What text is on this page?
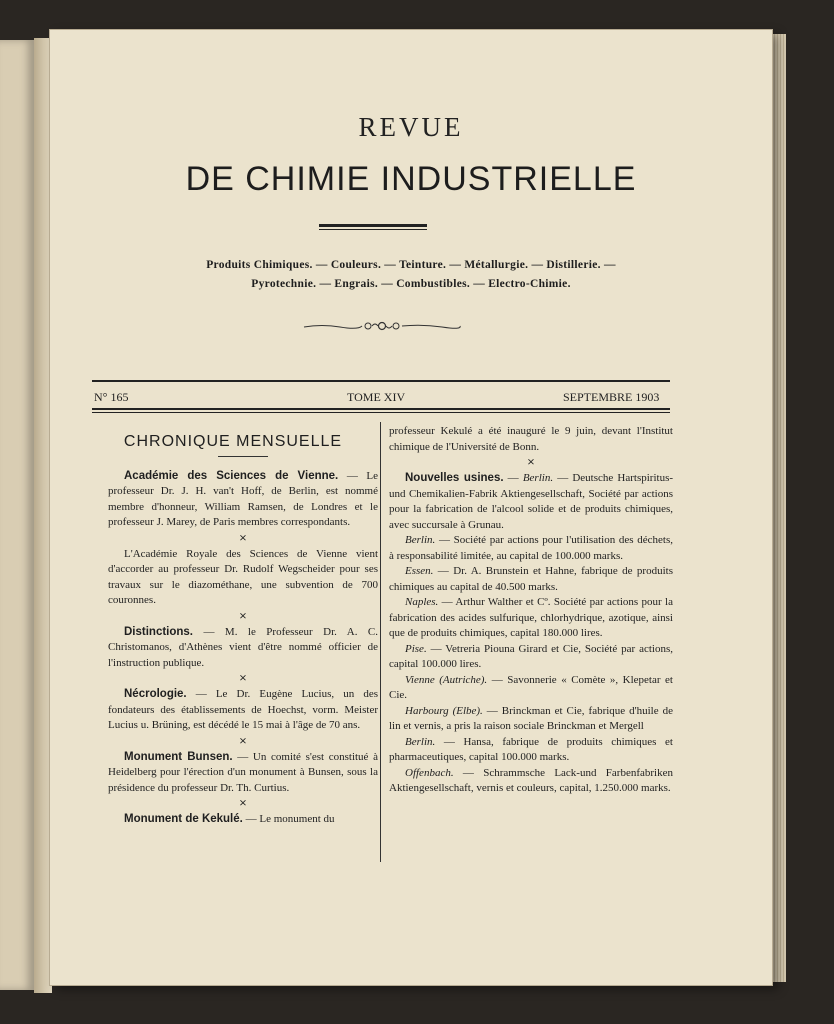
REVUE
DE CHIMIE INDUSTRIELLE
Produits Chimiques. — Couleurs. — Teinture. — Métallurgie. — Distillerie. —
Pyrotechnie. — Engrais. — Combustibles. — Electro-Chimie.
N° 165	TOME XIV	SEPTEMBRE 1903
CHRONIQUE MENSUELLE

Académie des Sciences de Vienne. — Le professeur Dr. J. H. van't Hoff, de Berlin, est nommé membre d'honneur, William Ramsen, de Londres et le professeur J. Marey, de Paris membres correspondants.

⨯

L'Académie Royale des Sciences de Vienne vient d'accorder au professeur Dr. Rudolf Wegscheider pour ses travaux sur le diazométhane, une subvention de 700 couronnes.

⨯

Distinctions. — M. le Professeur Dr. A. C. Christomanos, d'Athènes vient d'être nommé officier de l'instruction publique.

⨯

Nécrologie. — Le Dr. Eugène Lucius, un des fondateurs des établissements de Hoechst, vorm. Meister Lucius u. Brüning, est décédé le 15 mai à l'âge de 70 ans.

⨯

Monument Bunsen. — Un comité s'est constitué à Heidelberg pour l'érection d'un monument à Bunsen, sous la présidence du professeur Dr. Th. Curtius.

⨯

Monument de Kekulé. — Le monument du

professeur Kekulé a été inauguré le 9 juin, devant l'Institut chimique de l'Université de Bonn.

⨯

Nouvelles usines. — Berlin. — Deutsche Hartspiritus-und Chemikalien-Fabrik Aktiengesellschaft, Société par actions pour la fabrication de l'alcool solide et de produits chimiques, avec succursale à Grunau.

Berlin. — Société par actions pour l'utilisation des déchets, à responsabilité limitée, au capital de 100.000 marks.

Essen. — Dr. A. Brunstein et Hahne, fabrique de produits chimiques au capital de 40.500 marks.

Naples. — Arthur Walther et Cº. Société par actions pour la fabrication des acides sulfurique, chlorhydrique, azotique, ainsi que de produits chimiques, capital 180.000 lires.

Pise. — Vetreria Piouna Girard et Cie, Société par actions, capital 100.000 lires.

Vienne (Autriche). — Savonnerie « Comète », Klepetar et Cie.

Harbourg (Elbe). — Brinckman et Cie, fabrique d'huile de lin et vernis, a pris la raison sociale Brinckman et Mergell

Berlin. — Hansa, fabrique de produits chimiques et pharmaceutiques, capital 100.000 marks.

Offenbach. — Schrammsche Lack-und Farbenfabriken Aktiengesellschaft, vernis et couleurs, capital, 1.250.000 marks.
